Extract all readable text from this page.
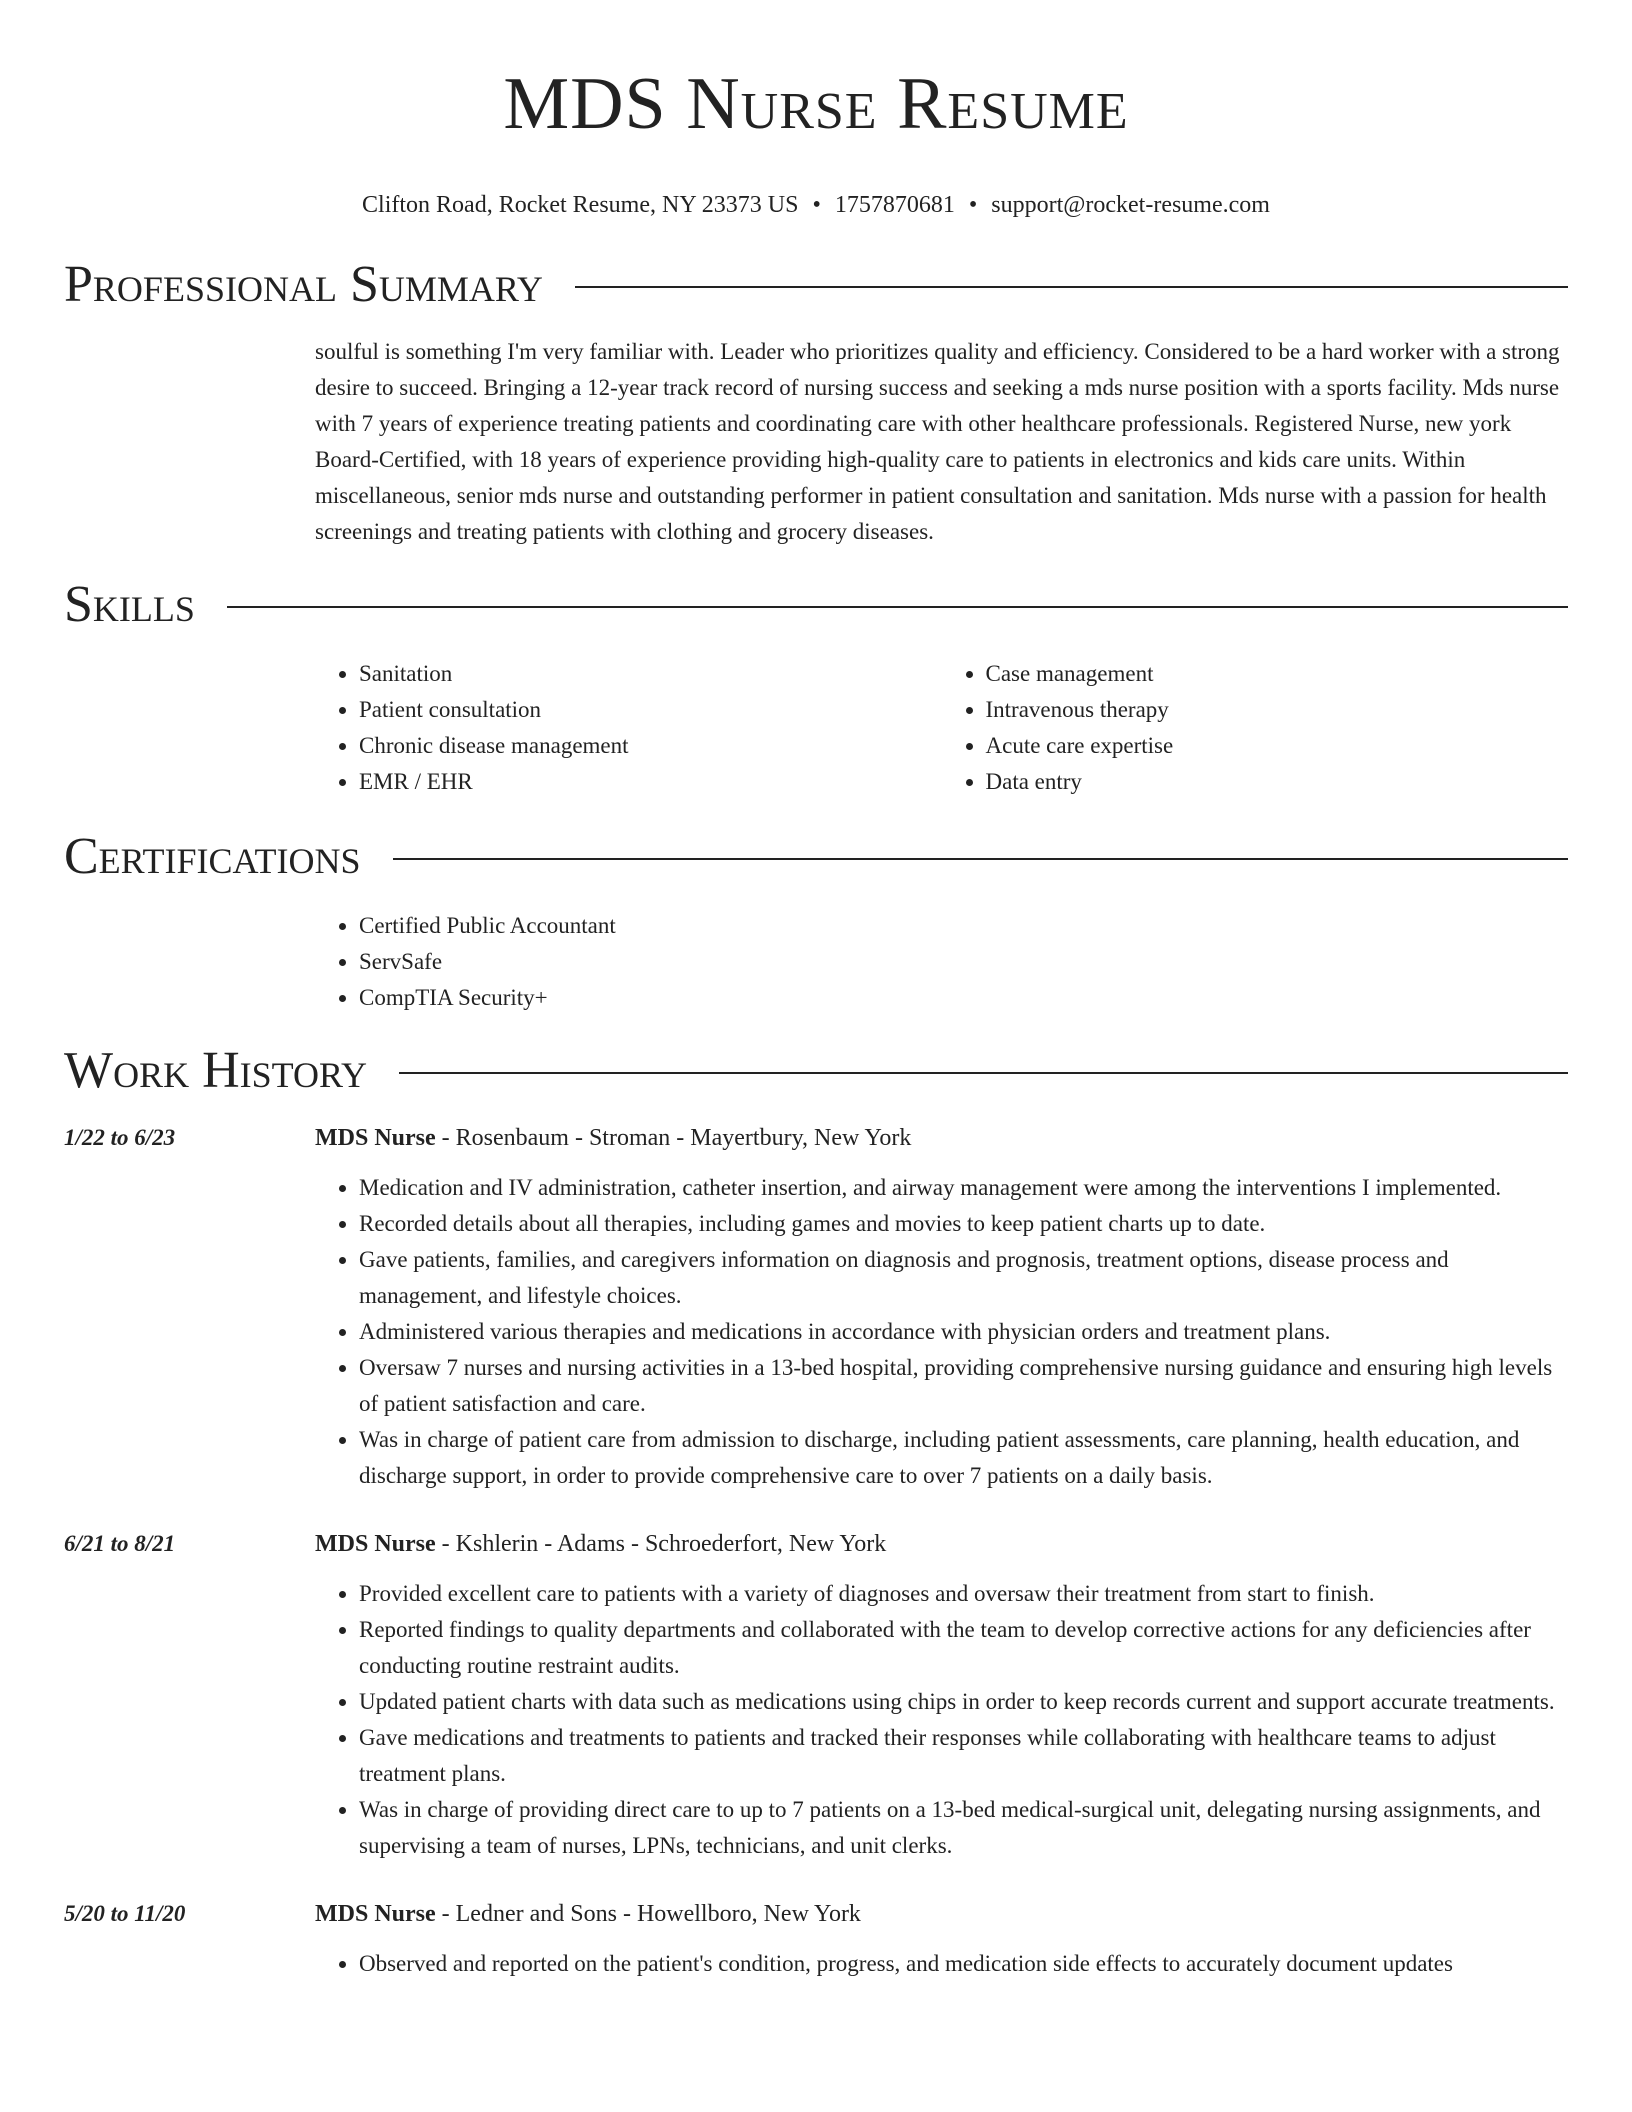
MDS Nurse Resume
Clifton Road, Rocket Resume, NY 23373 US • 1757870681 • support@rocket-resume.com
Professional Summary
soulful is something I'm very familiar with. Leader who prioritizes quality and efficiency. Considered to be a hard worker with a strong desire to succeed. Bringing a 12-year track record of nursing success and seeking a mds nurse position with a sports facility. Mds nurse with 7 years of experience treating patients and coordinating care with other healthcare professionals. Registered Nurse, new york Board-Certified, with 18 years of experience providing high-quality care to patients in electronics and kids care units. Within miscellaneous, senior mds nurse and outstanding performer in patient consultation and sanitation. Mds nurse with a passion for health screenings and treating patients with clothing and grocery diseases.
Skills
• Sanitation
• Patient consultation
• Chronic disease management
• EMR / EHR
• Case management
• Intravenous therapy
• Acute care expertise
• Data entry
Certifications
• Certified Public Accountant
• ServSafe
• CompTIA Security+
Work History
1/22 to 6/23	MDS Nurse - Rosenbaum - Stroman - Mayertbury, New York
• Medication and IV administration, catheter insertion, and airway management were among the interventions I implemented.
• Recorded details about all therapies, including games and movies to keep patient charts up to date.
• Gave patients, families, and caregivers information on diagnosis and prognosis, treatment options, disease process and management, and lifestyle choices.
• Administered various therapies and medications in accordance with physician orders and treatment plans.
• Oversaw 7 nurses and nursing activities in a 13-bed hospital, providing comprehensive nursing guidance and ensuring high levels of patient satisfaction and care.
• Was in charge of patient care from admission to discharge, including patient assessments, care planning, health education, and discharge support, in order to provide comprehensive care to over 7 patients on a daily basis.
6/21 to 8/21	MDS Nurse - Kshlerin - Adams - Schroederfort, New York
• Provided excellent care to patients with a variety of diagnoses and oversaw their treatment from start to finish.
• Reported findings to quality departments and collaborated with the team to develop corrective actions for any deficiencies after conducting routine restraint audits.
• Updated patient charts with data such as medications using chips in order to keep records current and support accurate treatments.
• Gave medications and treatments to patients and tracked their responses while collaborating with healthcare teams to adjust treatment plans.
• Was in charge of providing direct care to up to 7 patients on a 13-bed medical-surgical unit, delegating nursing assignments, and supervising a team of nurses, LPNs, technicians, and unit clerks.
5/20 to 11/20	MDS Nurse - Ledner and Sons - Howellboro, New York
• Observed and reported on the patient's condition, progress, and medication side effects to accurately document updates
